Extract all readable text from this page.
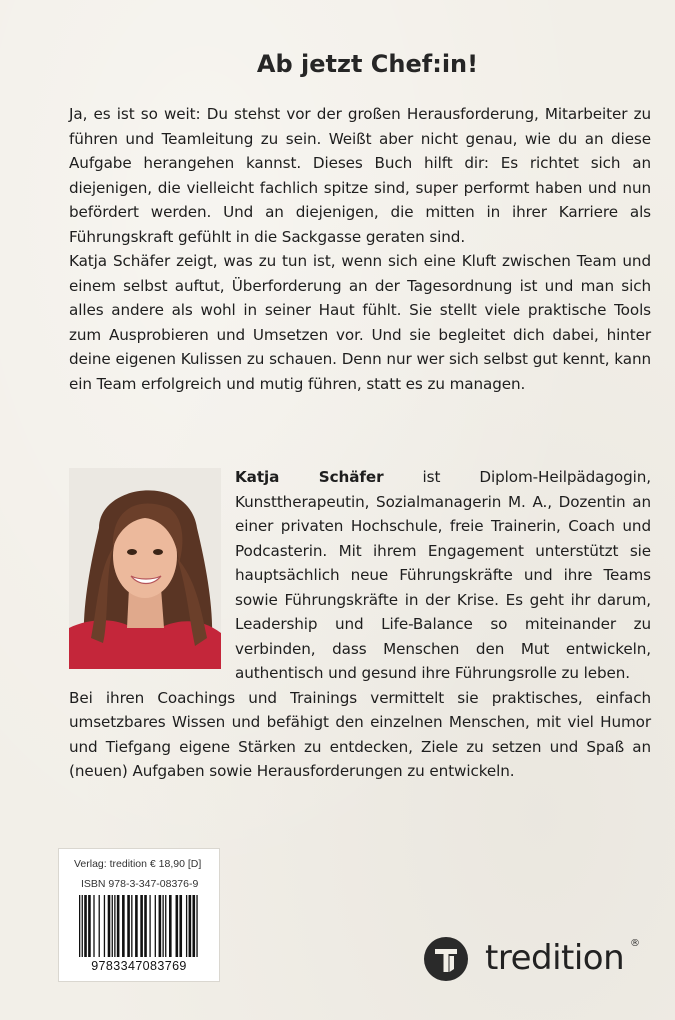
Ab jetzt Chef:in!

Ja, es ist so weit: Du stehst vor der großen Herausforderung, Mitarbeiter zu führen und Teamleitung zu sein. Weißt aber nicht genau, wie du an diese Aufgabe herangehen kannst. Dieses Buch hilft dir: Es richtet sich an diejenigen, die vielleicht fachlich spitze sind, super performt haben und nun befördert werden. Und an diejenigen, die mitten in ihrer Karriere als Führungskraft gefühlt in die Sackgasse geraten sind.

Katja Schäfer zeigt, was zu tun ist, wenn sich eine Kluft zwischen Team und einem selbst auftut, Überforderung an der Tagesordnung ist und man sich alles andere als wohl in seiner Haut fühlt. Sie stellt viele praktische Tools zum Ausprobieren und Umsetzen vor. Und sie begleitet dich dabei, hinter deine eigenen Kulissen zu schauen. Denn nur wer sich selbst gut kennt, kann ein Team erfolgreich und mutig führen, statt es zu managen.

Katja Schäfer	ist Diplom-Heilpädagogin, Kunsttherapeutin, Sozialmanagerin M. A., Dozentin an einer privaten Hochschule, freie Trainerin, Coach und Podcasterin. Mit ihrem Engagement unterstützt sie hauptsächlich neue Führungskräfte und ihre Teams sowie Führungskräfte in der Krise. Es geht ihr darum, Leadership und Life-Balance so miteinander zu verbinden, dass Menschen den Mut entwickeln, authentisch und gesund ihre Führungsrolle zu leben.
Bei ihren Coachings und Trainings vermittelt sie praktisches, einfach umsetzbares Wissen und befähigt den einzelnen Menschen, mit viel Humor und Tiefgang eigene Stärken zu entdecken, Ziele zu setzen und Spaß an (neuen) Aufgaben sowie Herausforderungen zu entwickeln.
Verlag: tredition € 18,90 [D]
ISBN 978-3-347-08376-9
9783347083769	tredition ®
